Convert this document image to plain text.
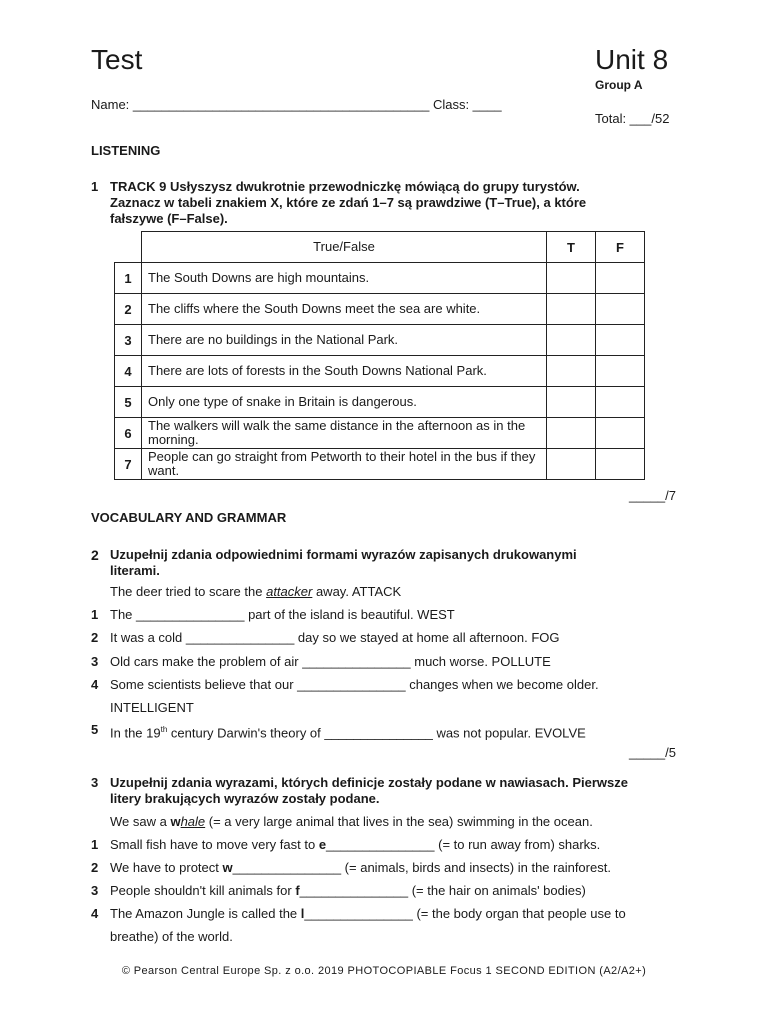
Test	Unit 8
Group A
Name: _________________________________________ Class: ____
Total: ___/52
LISTENING
1 TRACK 9 Usłyszysz dwukrotnie przewodniczkę mówiącą do grupy turystów.
Zaznacz w tabeli znakiem X, które ze zdań 1–7 są prawdziwe (T–True), a które
fałszywe (F–False).
	True/False	T	F
1	The South Downs are high mountains.		
2	The cliffs where the South Downs meet the sea are white.		
3	There are no buildings in the National Park.		
4	There are lots of forests in the South Downs National Park.		
5	Only one type of snake in Britain is dangerous.		
6	The walkers will walk the same distance in the afternoon as in the morning.		
7	People can go straight from Petworth to their hotel in the bus if they want.		
_____/7
VOCABULARY AND GRAMMAR
2 Uzupełnij zdania odpowiednimi formami wyrazów zapisanych drukowanymi
literami.
The deer tried to scare the attacker away. ATTACK
1 The _______________ part of the island is beautiful. WEST
2 It was a cold _______________ day so we stayed at home all afternoon. FOG
3 Old cars make the problem of air _______________ much worse. POLLUTE
4 Some scientists believe that our _______________ changes when we become older.
INTELLIGENT
5 In the 19th century Darwin's theory of _______________ was not popular. EVOLVE
_____/5
3 Uzupełnij zdania wyrazami, których definicje zostały podane w nawiasach. Pierwsze
litery brakujących wyrazów zostały podane.
We saw a whale (= a very large animal that lives in the sea) swimming in the ocean.
1 Small fish have to move very fast to e_______________ (= to run away from) sharks.
2 We have to protect w_______________ (= animals, birds and insects) in the rainforest.
3 People shouldn't kill animals for f_______________ (= the hair on animals' bodies)
4 The Amazon Jungle is called the l_______________ (= the body organ that people use to
breathe) of the world.
© Pearson Central Europe Sp. z o.o. 2019 PHOTOCOPIABLE Focus 1 SECOND EDITION (A2/A2+)
